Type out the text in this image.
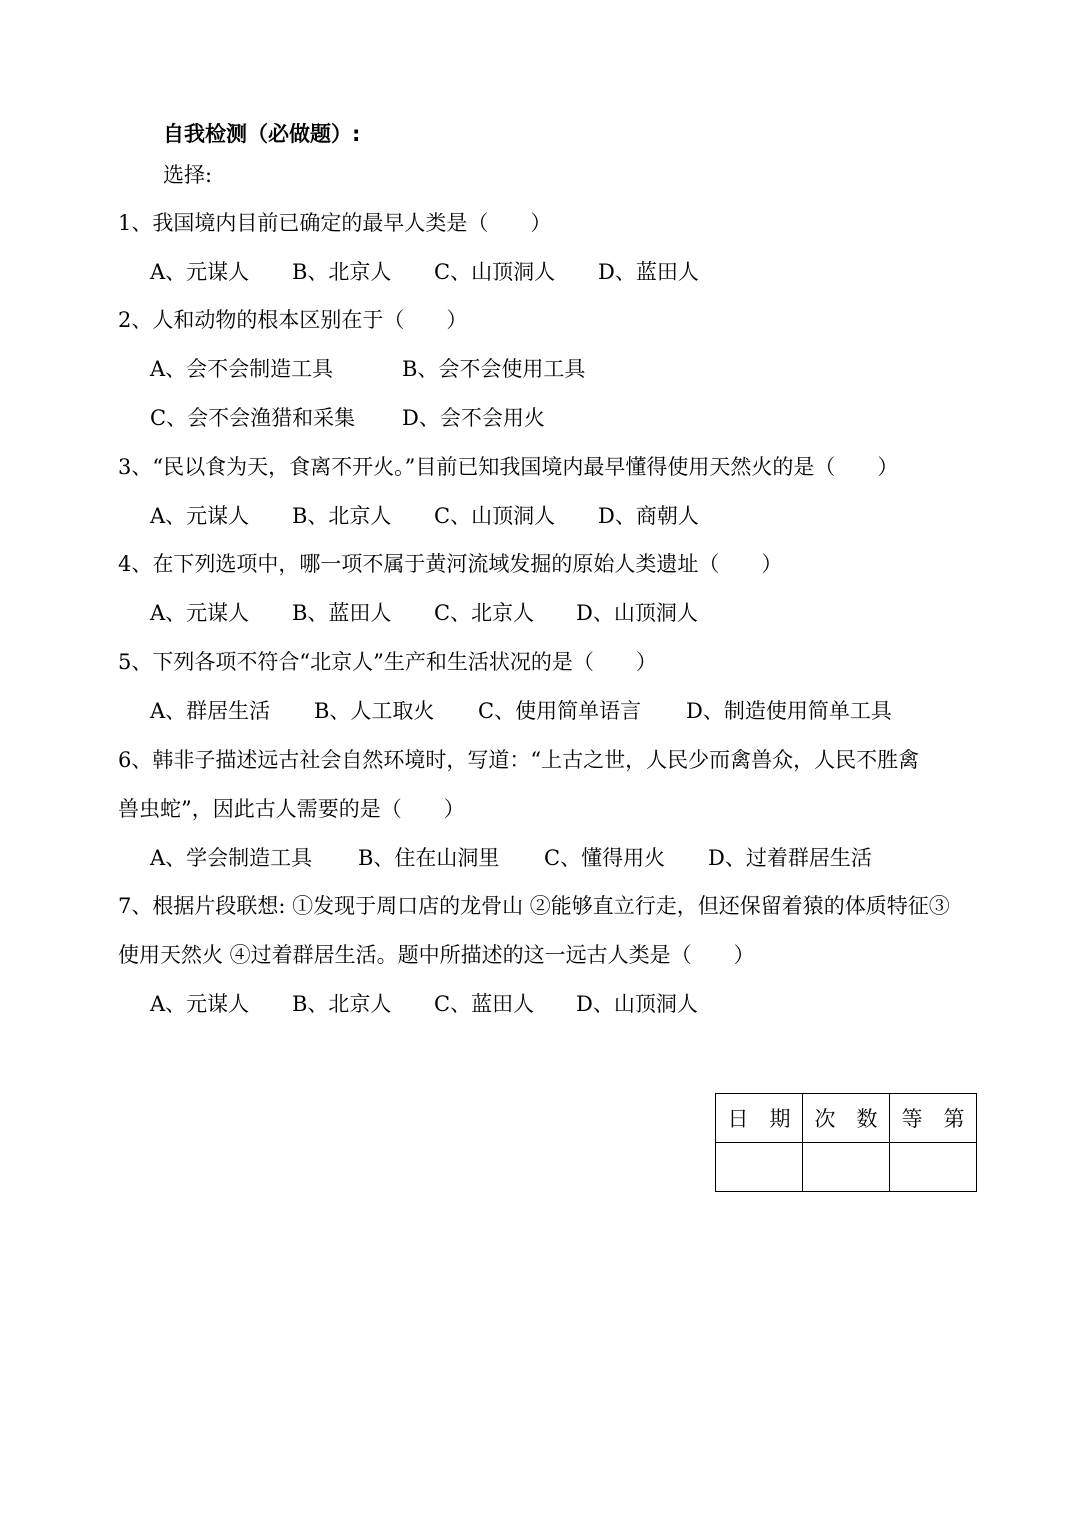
自我检测（必做题）:
选择:
1、我国境内目前已确定的最早人类是（　　）
A、元谋人 B、北京人 C、山顶洞人 D、蓝田人
2、人和动物的根本区别在于（　　）
A、会不会制造工具	B、会不会使用工具
C、会不会渔猎和采集 D、会不会用火
3、“民以食为天，食离不开火。”目前已知我国境内最早懂得使用天然火的是（　　）
A、元谋人 B、北京人 C、山顶洞人 D、商朝人
4、在下列选项中，哪一项不属于黄河流域发掘的原始人类遗址（　　）
A、元谋人 B、蓝田人 C、北京人 D、山顶洞人
5、下列各项不符合“北京人”生产和生活状况的是（　　）
A、群居生活 B、人工取火 C、使用简单语言 D、制造使用简单工具
6、韩非子描述远古社会自然环境时，写道：“上古之世，人民少而禽兽众，人民不胜禽
兽虫蛇”，因此古人需要的是（　　）
A、学会制造工具 B、住在山洞里 C、懂得用火 D、过着群居生活
7、根据片段联想: ①发现于周口店的龙骨山 ②能够直立行走，但还保留着猿的体质特征③
使用天然火 ④过着群居生活。题中所描述的这一远古人类是（　　）
A、元谋人 B、北京人 C、蓝田人 D、山顶洞人
日　期	次　数	等　第
